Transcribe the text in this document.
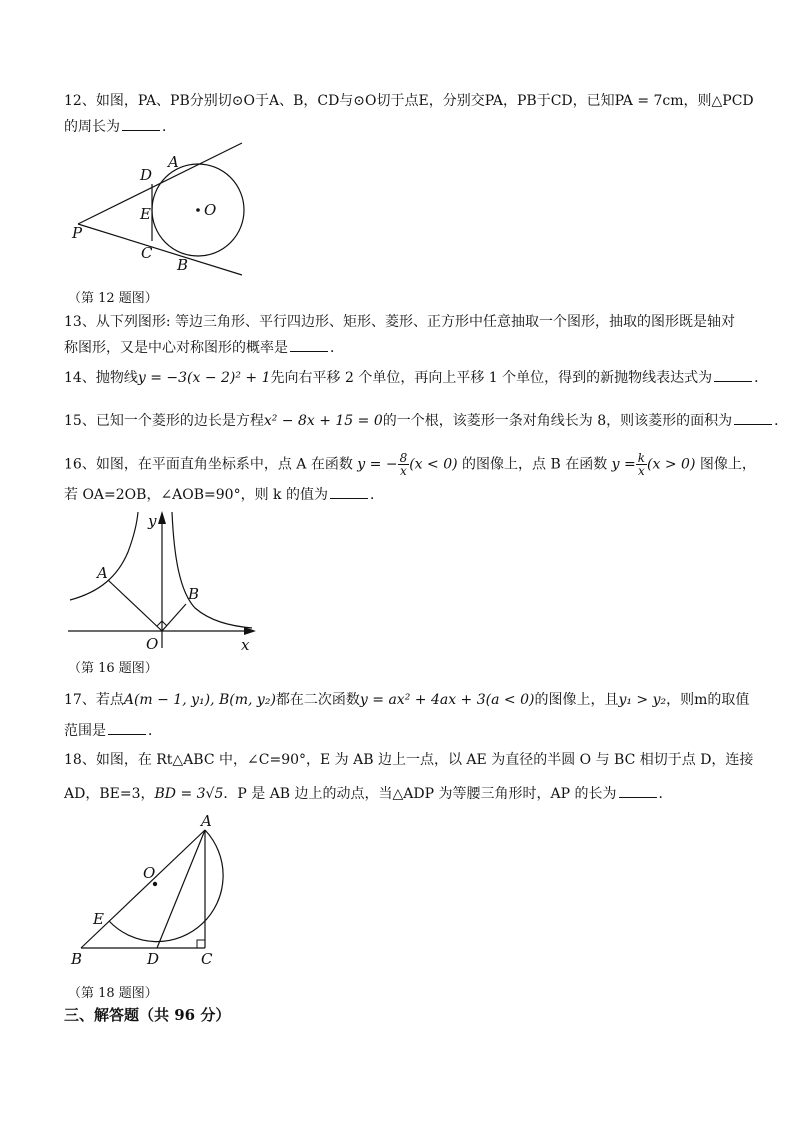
12、如图，PA、PB分别切⊙O于A、B，CD与⊙O切于点E，分别交PA，PB于CD，已知PA = 7cm，则△PCD
的周长为	．
D
A
E	O
P
C
B
（第 12 题图）
13、从下列图形: 等边三角形、平行四边形、矩形、菱形、正方形中任意抽取一个图形，抽取的图形既是轴对
称图形，又是中心对称图形的概率是	．
14、抛物线y = −3(x − 2)² + 1先向右平移 2 个单位，再向上平移 1 个单位，得到的新抛物线表达式为	．
15、已知一个菱形的边长是方程x² − 8x + 15 = 0的一个根，该菱形一条对角线长为 8，则该菱形的面积为	．
16、如图，在平面直角坐标系中，点 A 在函数 y = − $\frac{8}{x} (x < 0)$ 的图像上，点 B 在函数 $y = \frac{k}{x} (x > 0)$ 图像上，
若 OA=2OB，∠AOB=90°，则 k 的值为	．
y
A
B
O	x
（第 16 题图）
17、若点A(m − 1, y₁), B(m, y₂)都在二次函数y = ax² + 4ax + 3(a < 0)的图像上，且y₁ > y₂，则m的取值
范围是	．
18、如图，在 Rt△ABC 中，∠C=90°，E 为 AB 边上一点，以 AE 为直径的半圆 O 与 BC 相切于点 D，连接
AD，BE=3，BD = 3√5．P 是 AB 边上的动点，当△ADP 为等腰三角形时，AP 的长为	．
A
O
E
B	D	C
（第 18 题图）
三、解答题（共 96 分）
